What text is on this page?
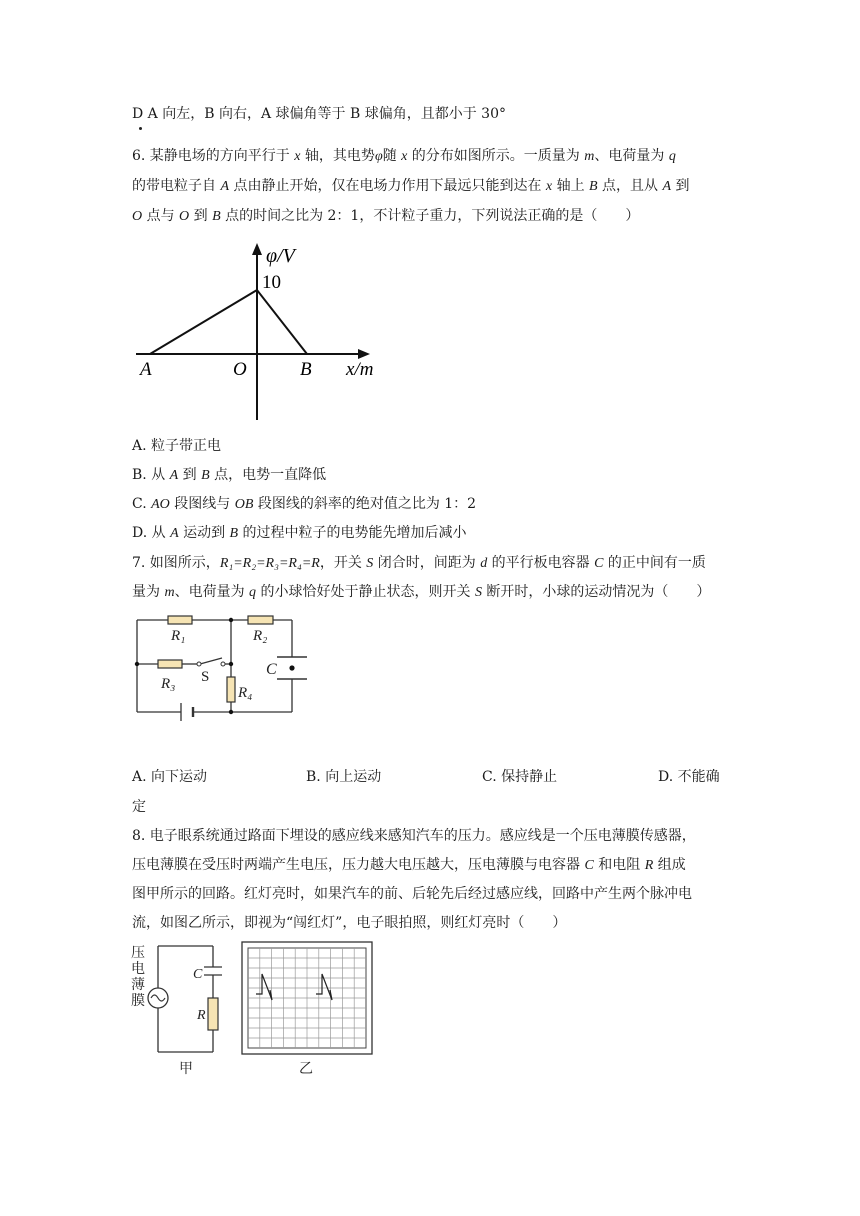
D A 向左，B 向右，A 球偏角等于 B 球偏角，且都小于 30°
6. 某静电场的方向平行于 x 轴，其电势φ随 x 的分布如图所示。一质量为 m、电荷量为 q
的带电粒子自 A 点由静止开始，仅在电场力作用下最远只能到达在 x 轴上 B 点，且从 A 到
O 点与 O 到 B 点的时间之比为 2：1，不计粒子重力，下列说法正确的是（　　）
φ/V
10
A	O	B x/m
A. 粒子带正电
B. 从 A 到 B 点，电势一直降低
C. AO 段图线与 OB 段图线的斜率的绝对值之比为 1：2
D. 从 A 运动到 B 的过程中粒子的电势能先增加后减小
7. 如图所示，R₁=R₂=R₃=R₄=R，开关 S 闭合时，间距为 d 的平行板电容器 C 的正中间有一质
量为 m、电荷量为 q 的小球恰好处于静止状态，则开关 S 断开时，小球的运动情况为（　　）
R₁	R₂
R₃ S
R₄
C
A. 向下运动	B. 向上运动	C. 保持静止	D. 不能确
定
8. 电子眼系统通过路面下埋设的感应线来感知汽车的压力。感应线是一个压电薄膜传感器，
压电薄膜在受压时两端产生电压，压力越大电压越大，压电薄膜与电容器 C 和电阻 R 组成
图甲所示的回路。红灯亮时，如果汽车的前、后轮先后经过感应线，回路中产生两个脉冲电
流，如图乙所示，即视为“闯红灯”，电子眼拍照，则红灯亮时（　　）
C
R
压
电
薄
膜
甲	乙
